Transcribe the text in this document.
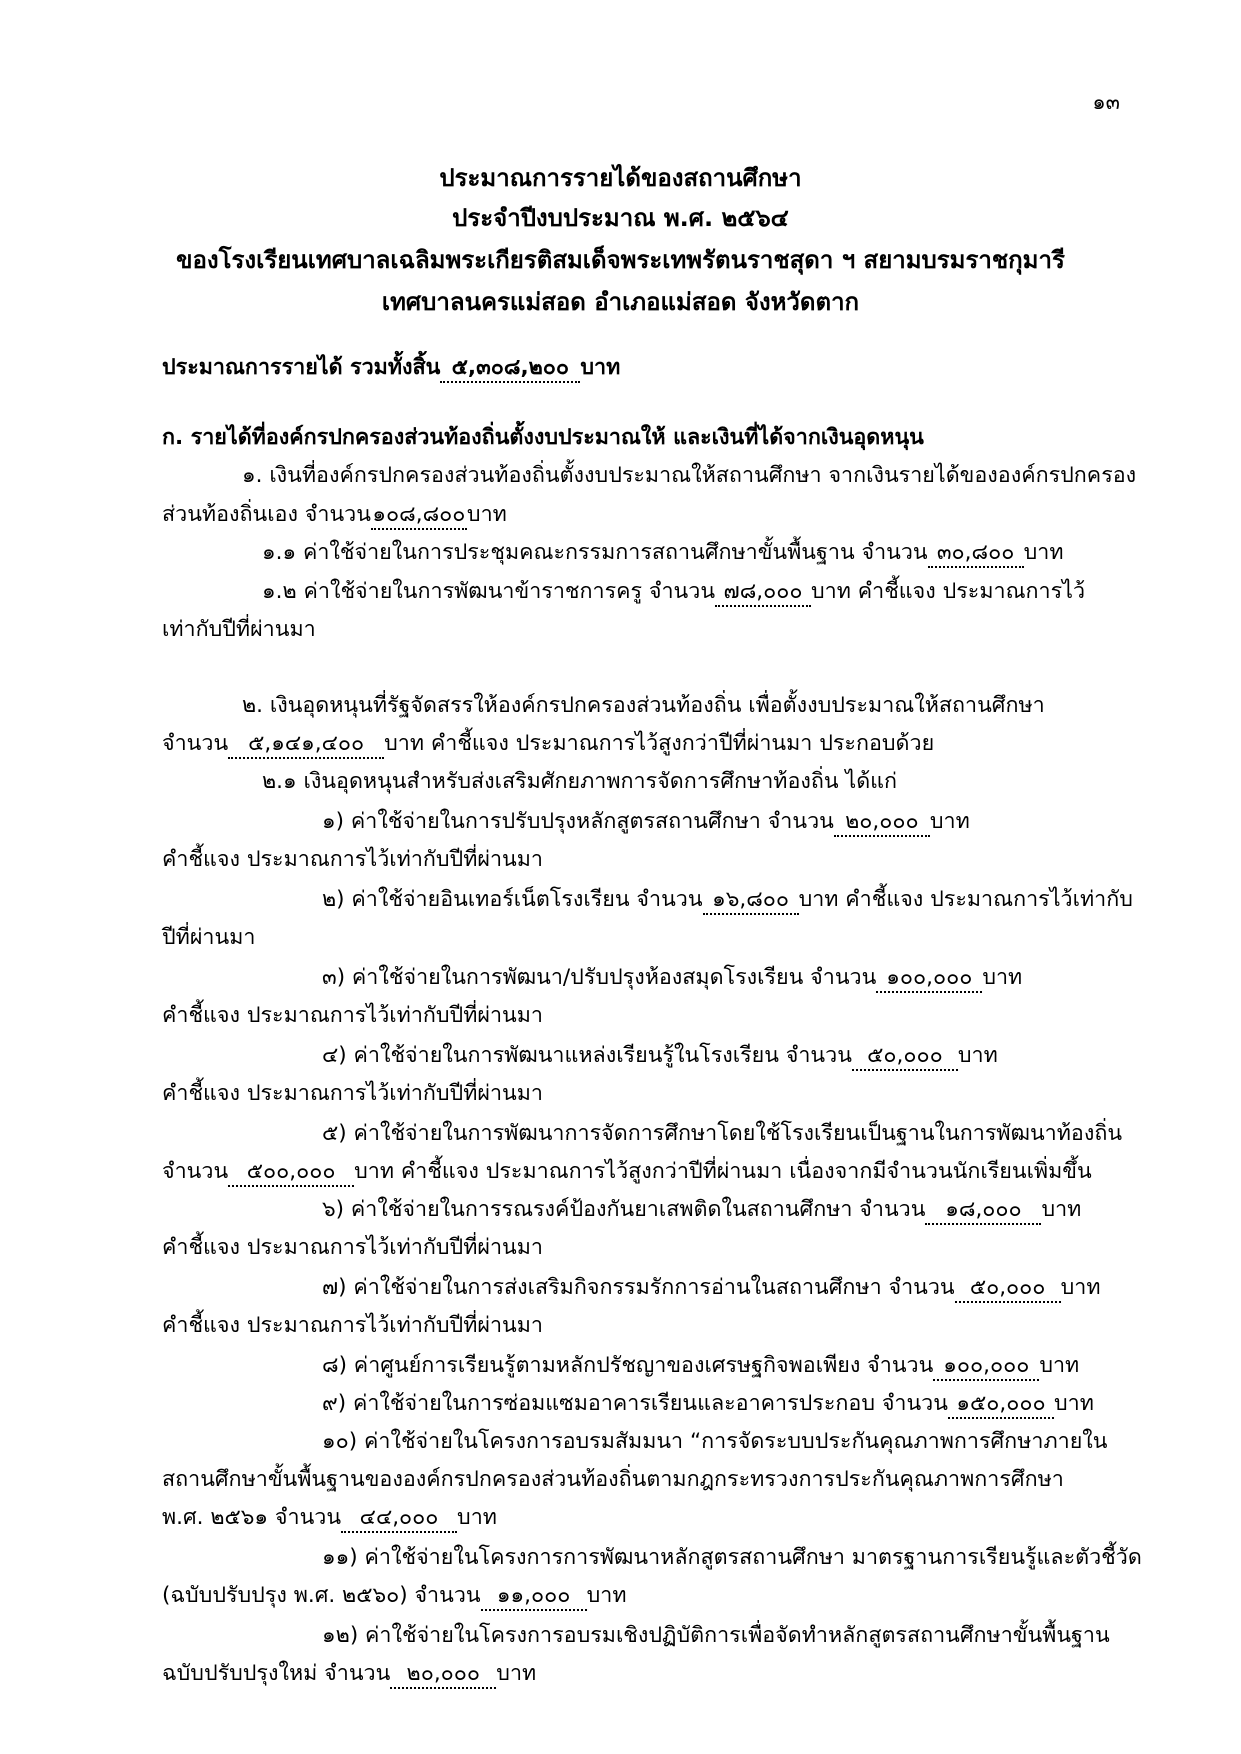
๑๓
ประมาณการรายได้ของสถานศึกษา
ประจำปีงบประมาณ พ.ศ. ๒๕๖๔
ของโรงเรียนเทศบาลเฉลิมพระเกียรติสมเด็จพระเทพรัตนราชสุดา ฯ สยามบรมราชกุมารี
เทศบาลนครแม่สอด อำเภอแม่สอด จังหวัดตาก
ประมาณการรายได้ รวมทั้งสิ้น ๕,๓๐๘,๒๐๐ บาท
ก. รายได้ที่องค์กรปกครองส่วนท้องถิ่นตั้งงบประมาณให้ และเงินที่ได้จากเงินอุดหนุน
๑. เงินที่องค์กรปกครองส่วนท้องถิ่นตั้งงบประมาณให้สถานศึกษา จากเงินรายได้ขององค์กรปกครอง
ส่วนท้องถิ่นเอง จำนวน๑๐๘,๘๐๐บาท
๑.๑ ค่าใช้จ่ายในการประชุมคณะกรรมการสถานศึกษาขั้นพื้นฐาน จำนวน ๓๐,๘๐๐ บาท
๑.๒ ค่าใช้จ่ายในการพัฒนาข้าราชการครู จำนวน ๗๘,๐๐๐ บาท คำชี้แจง ประมาณการไว้
เท่ากับปีที่ผ่านมา
๒. เงินอุดหนุนที่รัฐจัดสรรให้องค์กรปกครองส่วนท้องถิ่น เพื่อตั้งงบประมาณให้สถานศึกษา
จำนวน ๕,๑๔๑,๔๐๐ บาท คำชี้แจง ประมาณการไว้สูงกว่าปีที่ผ่านมา ประกอบด้วย
๒.๑ เงินอุดหนุนสำหรับส่งเสริมศักยภาพการจัดการศึกษาท้องถิ่น ได้แก่
๑) ค่าใช้จ่ายในการปรับปรุงหลักสูตรสถานศึกษา จำนวน ๒๐,๐๐๐ บาท
คำชี้แจง ประมาณการไว้เท่ากับปีที่ผ่านมา
๒) ค่าใช้จ่ายอินเทอร์เน็ตโรงเรียน จำนวน ๑๖,๘๐๐ บาท คำชี้แจง ประมาณการไว้เท่ากับ
ปีที่ผ่านมา
๓) ค่าใช้จ่ายในการพัฒนา/ปรับปรุงห้องสมุดโรงเรียน จำนวน ๑๐๐,๐๐๐ บาท
คำชี้แจง ประมาณการไว้เท่ากับปีที่ผ่านมา
๔) ค่าใช้จ่ายในการพัฒนาแหล่งเรียนรู้ในโรงเรียน จำนวน ๕๐,๐๐๐ บาท
คำชี้แจง ประมาณการไว้เท่ากับปีที่ผ่านมา
๕) ค่าใช้จ่ายในการพัฒนาการจัดการศึกษาโดยใช้โรงเรียนเป็นฐานในการพัฒนาท้องถิ่น
จำนวน ๕๐๐,๐๐๐ บาท คำชี้แจง ประมาณการไว้สูงกว่าปีที่ผ่านมา เนื่องจากมีจำนวนนักเรียนเพิ่มขึ้น
๖) ค่าใช้จ่ายในการรณรงค์ป้องกันยาเสพติดในสถานศึกษา จำนวน ๑๘,๐๐๐ บาท
คำชี้แจง ประมาณการไว้เท่ากับปีที่ผ่านมา
๗) ค่าใช้จ่ายในการส่งเสริมกิจกรรมรักการอ่านในสถานศึกษา จำนวน ๕๐,๐๐๐ บาท
คำชี้แจง ประมาณการไว้เท่ากับปีที่ผ่านมา
๘) ค่าศูนย์การเรียนรู้ตามหลักปรัชญาของเศรษฐกิจพอเพียง จำนวน ๑๐๐,๐๐๐ บาท
๙) ค่าใช้จ่ายในการซ่อมแซมอาคารเรียนและอาคารประกอบ จำนวน ๑๕๐,๐๐๐ บาท
๑๐) ค่าใช้จ่ายในโครงการอบรมสัมมนา “การจัดระบบประกันคุณภาพการศึกษาภายใน
สถานศึกษาขั้นพื้นฐานขององค์กรปกครองส่วนท้องถิ่นตามกฎกระทรวงการประกันคุณภาพการศึกษา
พ.ศ. ๒๕๖๑ จำนวน ๔๔,๐๐๐ บาท
๑๑) ค่าใช้จ่ายในโครงการการพัฒนาหลักสูตรสถานศึกษา มาตรฐานการเรียนรู้และตัวชี้วัด
(ฉบับปรับปรุง พ.ศ. ๒๕๖๐) จำนวน ๑๑,๐๐๐ บาท
๑๒) ค่าใช้จ่ายในโครงการอบรมเชิงปฏิบัติการเพื่อจัดทำหลักสูตรสถานศึกษาขั้นพื้นฐาน
ฉบับปรับปรุงใหม่ จำนวน ๒๐,๐๐๐ บาท
